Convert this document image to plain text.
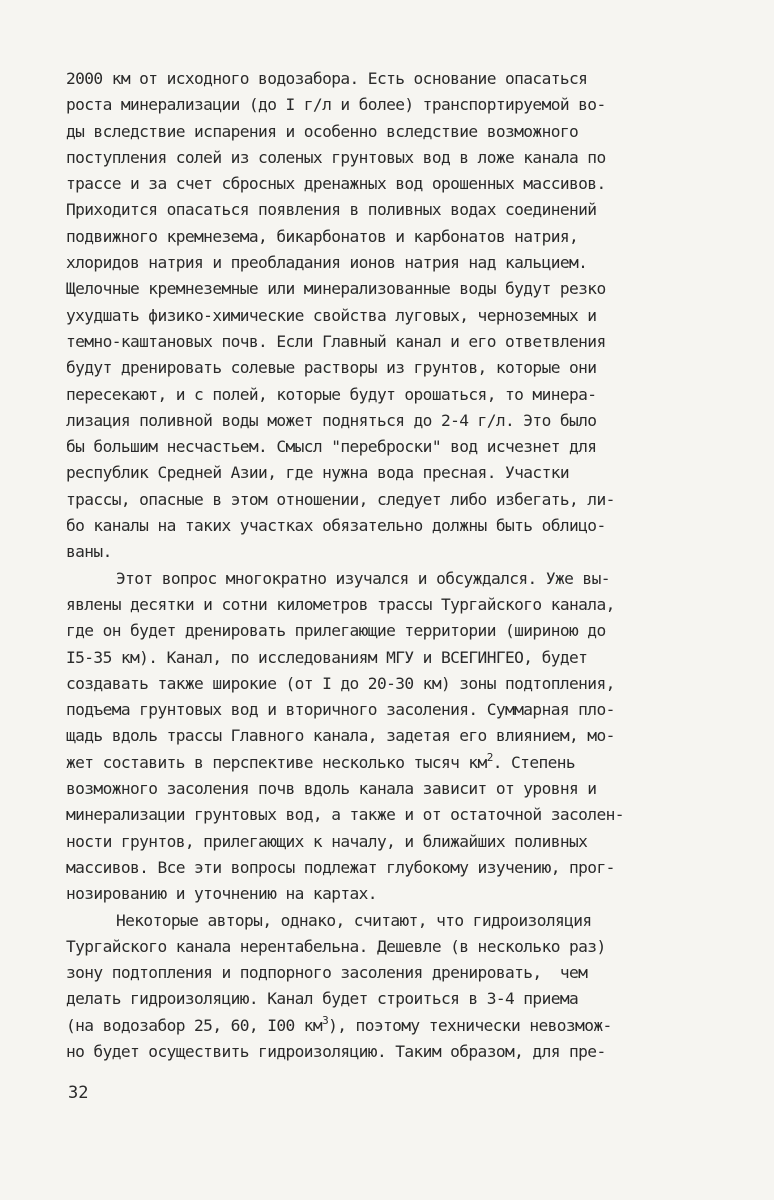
2000 км от исходного водозабора. Есть основание опасаться
роста минерализации (до I г/л и более) транспортируемой во-
ды вследствие испарения и особенно вследствие возможного
поступления солей из соленых грунтовых вод в ложе канала по
трассе и за счет сбросных дренажных вод орошенных массивов.
Приходится опасаться появления в поливных водах соединений
подвижного кремнезема, бикарбонатов и карбонатов натрия,
хлоридов натрия и преобладания ионов натрия над кальцием.
Щелочные кремнеземные или минерализованные воды будут резко
ухудшать физико-химические свойства луговых, черноземных и
темно-каштановых почв. Если Главный канал и его ответвления
будут дренировать солевые растворы из грунтов, которые они
пересекают, и с полей, которые будут орошаться, то минера-
лизация поливной воды может подняться до 2-4 г/л. Это было
бы большим несчастьем. Смысл "переброски" вод исчезнет для
республик Средней Азии, где нужна вода пресная. Участки
трассы, опасные в этом отношении, следует либо избегать, ли-
бо каналы на таких участках обязательно должны быть облицо-
ваны.
Этот вопрос многократно изучался и обсуждался. Уже вы-
явлены десятки и сотни километров трассы Тургайского канала,
где он будет дренировать прилегающие территории (шириною до
I5-35 км). Канал, по исследованиям МГУ и ВСЕГИНГЕО, будет
создавать также широкие (от I до 20-30 км) зоны подтопления,
подъема грунтовых вод и вторичного засоления. Суммарная пло-
щадь вдоль трассы Главного канала, задетая его влиянием, мо-
жет составить в перспективе несколько тысяч $км^2$. Степень
возможного засоления почв вдоль канала зависит от уровня и
минерализации грунтовых вод, а также и от остаточной засолен-
ности грунтов, прилегающих к началу, и ближайших поливных
массивов. Все эти вопросы подлежат глубокому изучению, прог-
нозированию и уточнению на картах.
Некоторые авторы, однако, считают, что гидроизоляция
Тургайского канала нерентабельна. Дешевле (в несколько раз)
зону подтопления и подпорного засоления дренировать,  чем
делать гидроизоляцию. Канал будет строиться в 3-4 приема
(на водозабор 25, 60, I00 $км^3$), поэтому технически невозмож-
но будет осуществить гидроизоляцию. Таким образом, для пре-
32
